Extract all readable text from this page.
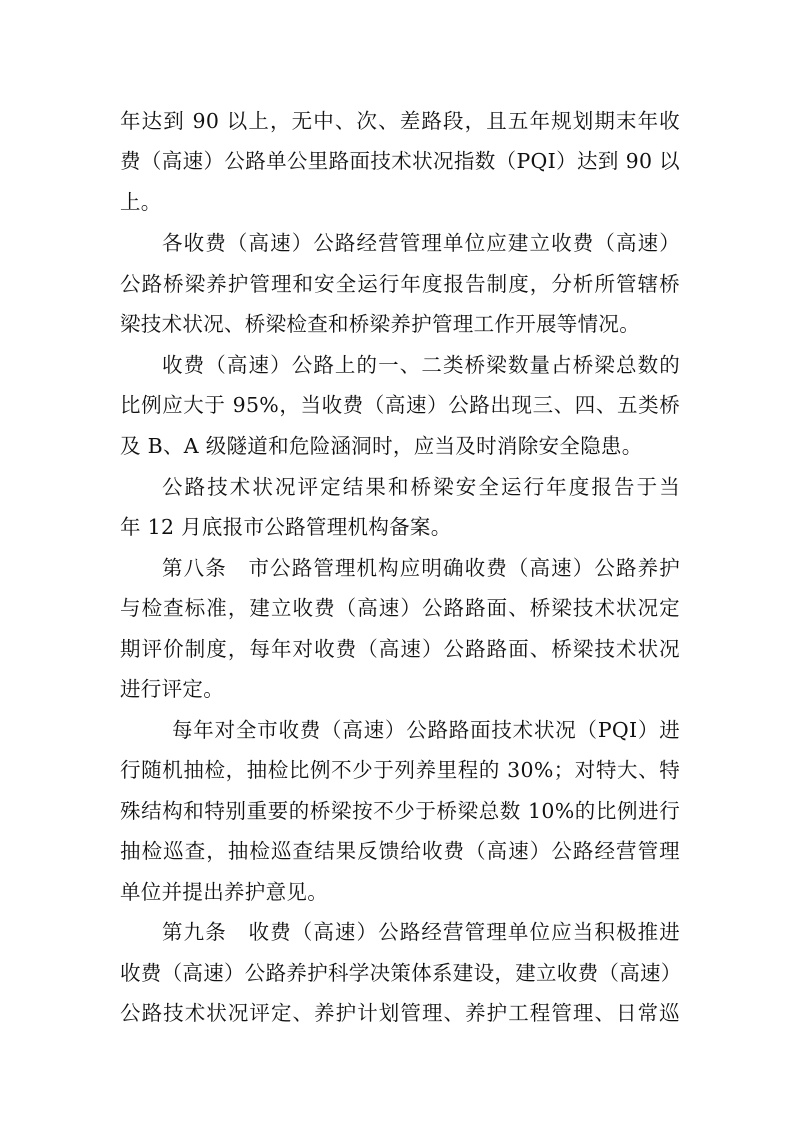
年达到 90 以上，无中、次、差路段，且五年规划期末年收
费（高速）公路单公里路面技术状况指数（PQI）达到 90 以
上。
各收费（高速）公路经营管理单位应建立收费（高速）
公路桥梁养护管理和安全运行年度报告制度，分析所管辖桥
梁技术状况、桥梁检查和桥梁养护管理工作开展等情况。
收费（高速）公路上的一、二类桥梁数量占桥梁总数的
比例应大于 95%，当收费（高速）公路出现三、四、五类桥
及 B、A 级隧道和危险涵洞时，应当及时消除安全隐患。
公路技术状况评定结果和桥梁安全运行年度报告于当
年 12 月底报市公路管理机构备案。
第八条　市公路管理机构应明确收费（高速）公路养护
与检查标准，建立收费（高速）公路路面、桥梁技术状况定
期评价制度，每年对收费（高速）公路路面、桥梁技术状况
进行评定。
每年对全市收费（高速）公路路面技术状况（PQI）进
行随机抽检，抽检比例不少于列养里程的 30%；对特大、特
殊结构和特别重要的桥梁按不少于桥梁总数 10%的比例进行
抽检巡查，抽检巡查结果反馈给收费（高速）公路经营管理
单位并提出养护意见。
第九条　收费（高速）公路经营管理单位应当积极推进
收费（高速）公路养护科学决策体系建设，建立收费（高速）
公路技术状况评定、养护计划管理、养护工程管理、日常巡
